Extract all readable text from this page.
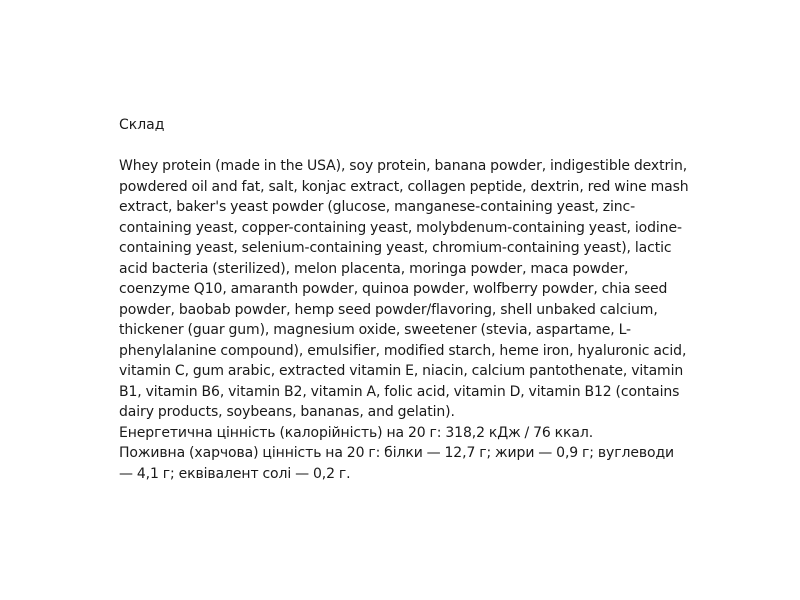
Склад

Whey protein (made in the USA), soy protein, banana powder, indigestible dextrin, powdered oil and fat, salt, konjac extract, collagen peptide, dextrin, red wine mash extract, baker's yeast powder (glucose, manganese-containing yeast, zinc-containing yeast, copper-containing yeast, molybdenum-containing yeast, iodine-containing yeast, selenium-containing yeast, chromium-containing yeast), lactic acid bacteria (sterilized), melon placenta, moringa powder, maca powder, coenzyme Q10, amaranth powder, quinoa powder, wolfberry powder, chia seed powder, baobab powder, hemp seed powder/flavoring, shell unbaked calcium, thickener (guar gum), magnesium oxide, sweetener (stevia, aspartame, L-phenylalanine compound), emulsifier, modified starch, heme iron, hyaluronic acid, vitamin C, gum arabic, extracted vitamin E, niacin, calcium pantothenate, vitamin B1, vitamin B6, vitamin B2, vitamin A, folic acid, vitamin D, vitamin B12 (contains dairy products, soybeans, bananas, and gelatin).

Енергетична цінність (калорійність) на 20 г: 318,2 кДж / 76 ккал.

Поживна (харчова) цінність на 20 г: білки — 12,7 г; жири — 0,9 г; вуглеводи — 4,1 г; еквівалент солі — 0,2 г.
